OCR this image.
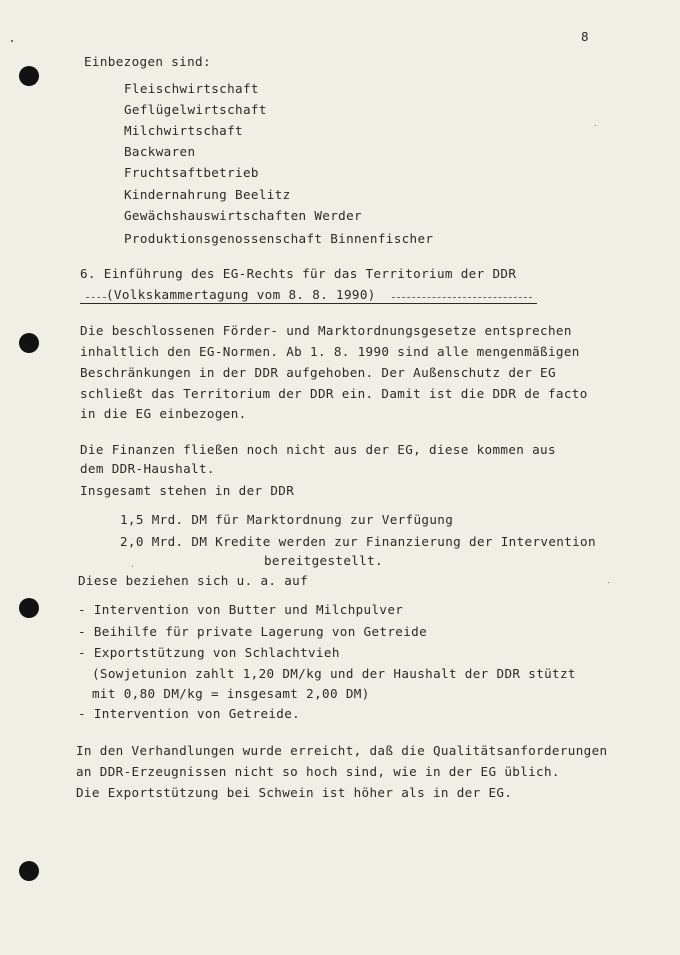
8
Einbezogen sind:
Fleischwirtschaft
Geflügelwirtschaft
Milchwirtschaft
Backwaren
Fruchtsaftbetrieb
Kindernahrung Beelitz
Gewächshauswirtschaften Werder
Produktionsgenossenschaft Binnenfischer
6. Einführung des EG-Rechts für das Territorium der DDR
(Volkskammertagung vom 8. 8. 1990)
Die beschlossenen Förder- und Marktordnungsgesetze entsprechen
inhaltlich den EG-Normen. Ab 1. 8. 1990 sind alle mengenmäßigen
Beschränkungen in der DDR aufgehoben. Der Außenschutz der EG
schließt das Territorium der DDR ein. Damit ist die DDR de facto
in die EG einbezogen.
Die Finanzen fließen noch nicht aus der EG, diese kommen aus
dem DDR-Haushalt.
Insgesamt stehen in der DDR
1,5 Mrd. DM für Marktordnung zur Verfügung
2,0 Mrd. DM Kredite werden zur Finanzierung der Intervention
bereitgestellt.
Diese beziehen sich u. a. auf
- Intervention von Butter und Milchpulver
- Beihilfe für private Lagerung von Getreide
- Exportstützung von Schlachtvieh
(Sowjetunion zahlt 1,20 DM/kg und der Haushalt der DDR stützt
mit 0,80 DM/kg = insgesamt 2,00 DM)
- Intervention von Getreide.
In den Verhandlungen wurde erreicht, daß die Qualitätsanforderungen
an DDR-Erzeugnissen nicht so hoch sind, wie in der EG üblich.
Die Exportstützung bei Schwein ist höher als in der EG.
